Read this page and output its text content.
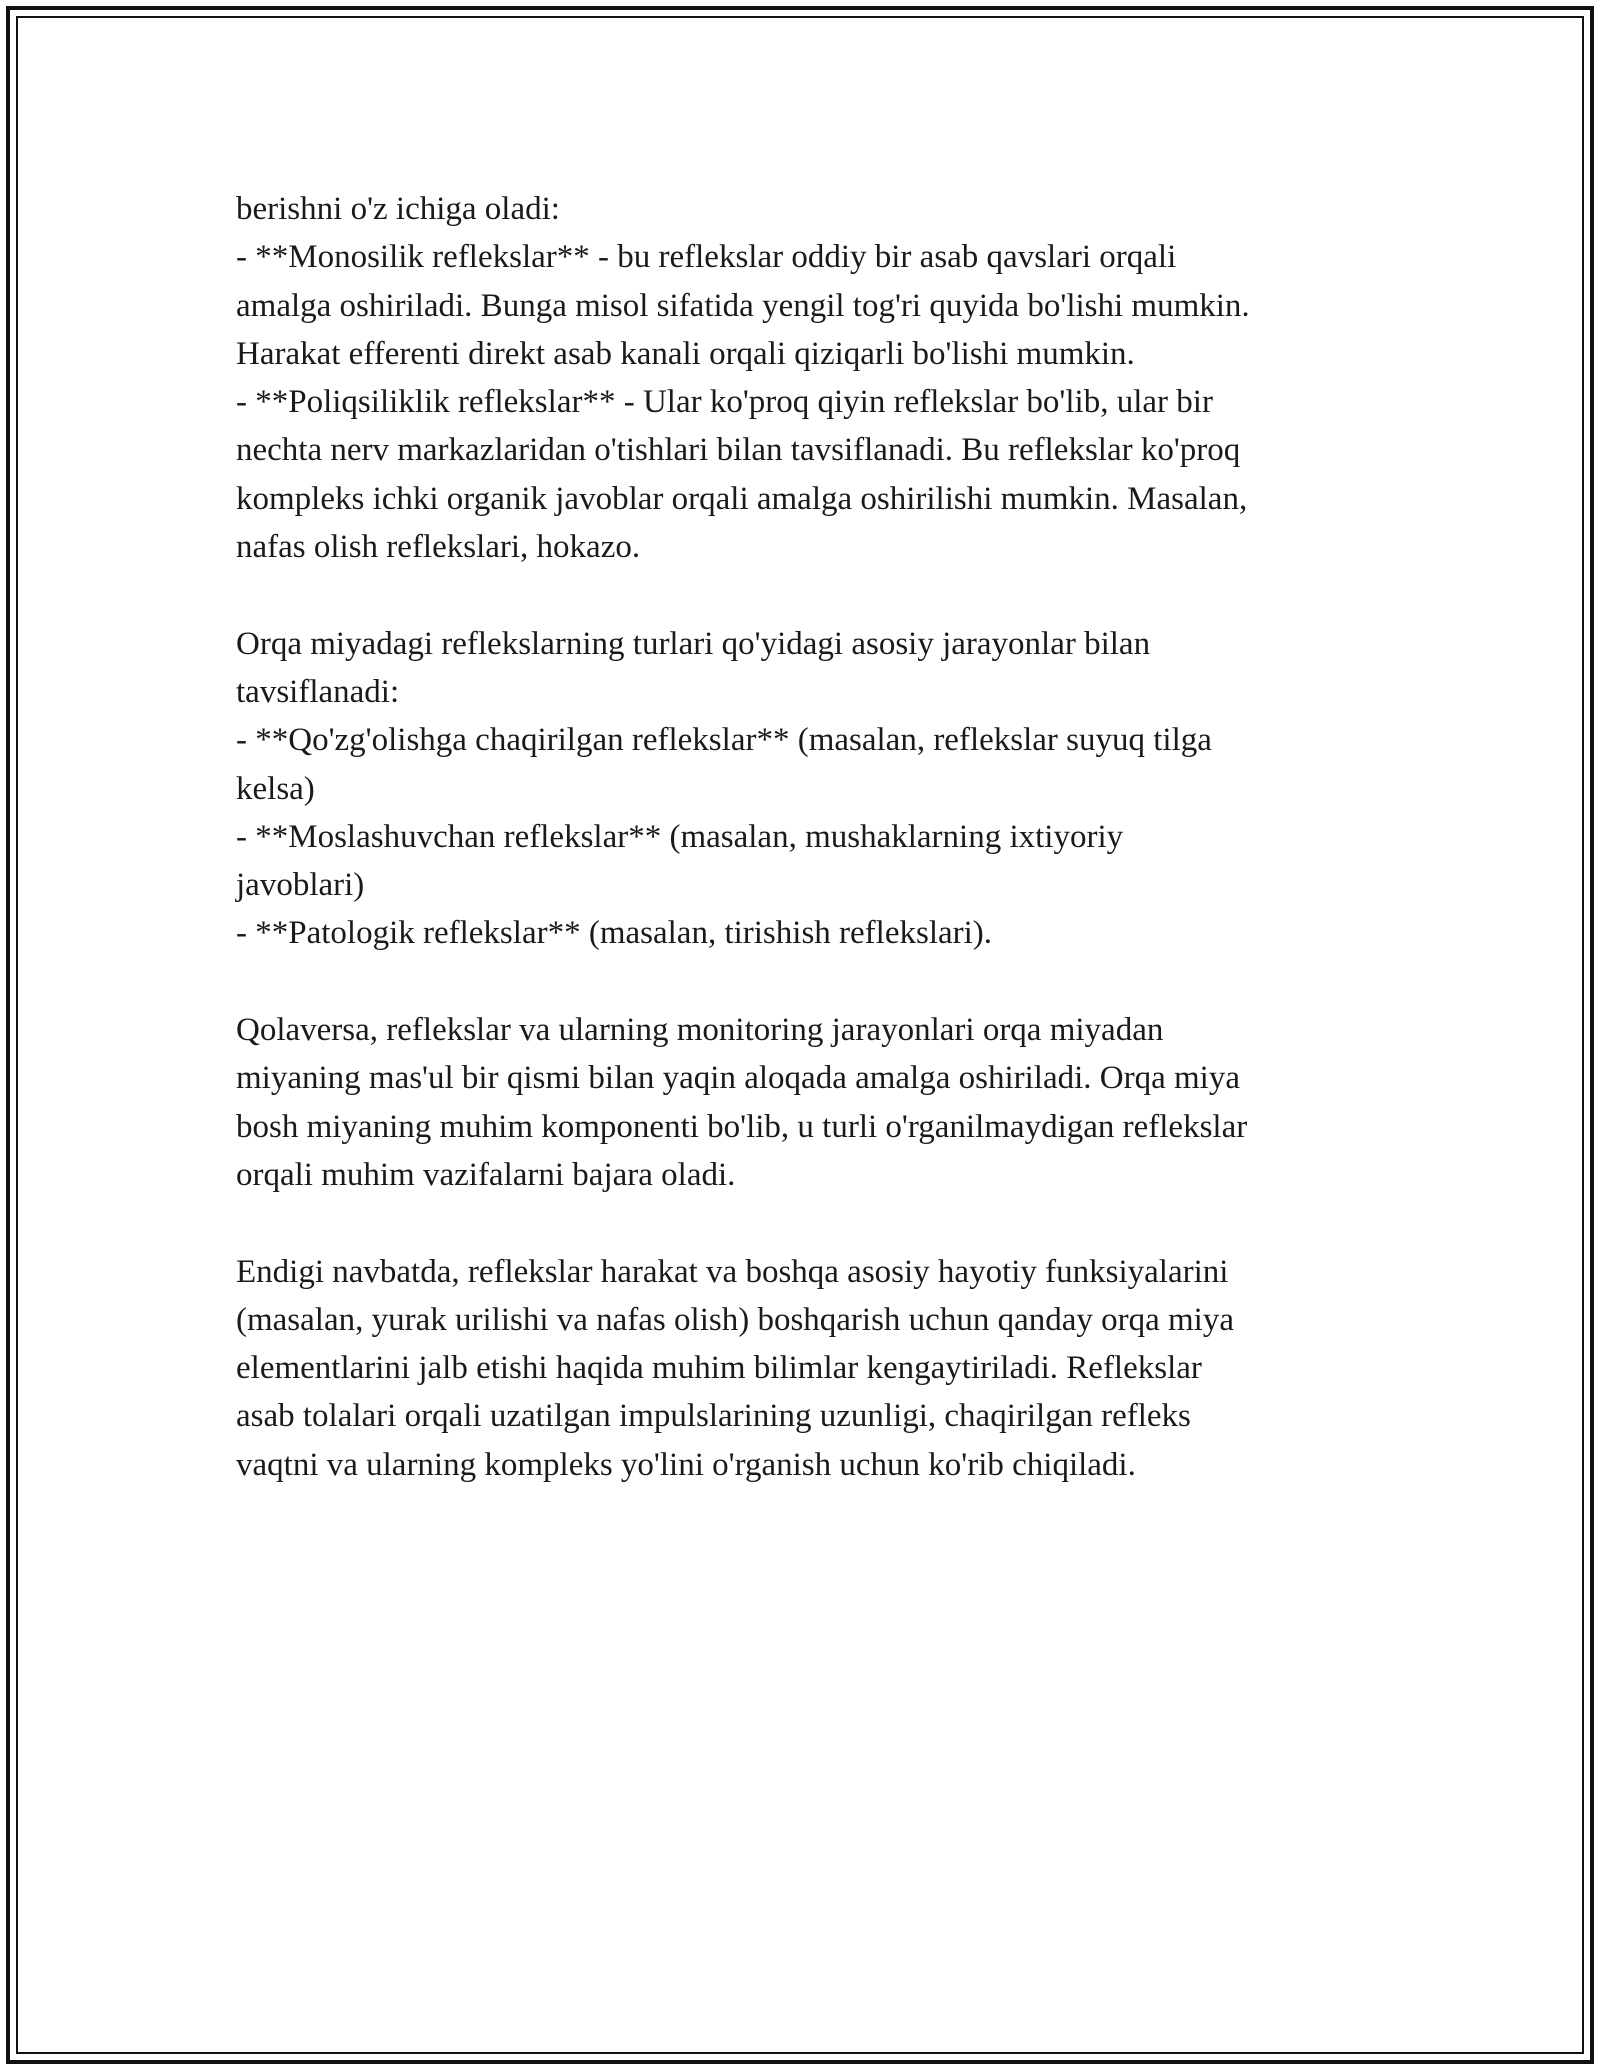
berishni o'z ichiga oladi:
- **Monosilik reflekslar** - bu reflekslar oddiy bir asab qavslari orqali
amalga oshiriladi. Bunga misol sifatida yengil tog'ri quyida bo'lishi mumkin.
Harakat efferenti direkt asab kanali orqali qiziqarli bo'lishi mumkin.
- **Poliqsiliklik reflekslar** - Ular ko'proq qiyin reflekslar bo'lib, ular bir
nechta nerv markazlaridan o'tishlari bilan tavsiflanadi. Bu reflekslar ko'proq
kompleks ichki organik javoblar orqali amalga oshirilishi mumkin. Masalan,
nafas olish reflekslari, hokazo.
Orqa miyadagi reflekslarning turlari qo'yidagi asosiy jarayonlar bilan
tavsiflanadi:
- **Qo'zg'olishga chaqirilgan reflekslar** (masalan, reflekslar suyuq tilga
kelsa)
- **Moslashuvchan reflekslar** (masalan, mushaklarning ixtiyoriy
javoblari)
- **Patologik reflekslar** (masalan, tirishish reflekslari).
Qolaversa, reflekslar va ularning monitoring jarayonlari orqa miyadan
miyaning mas'ul bir qismi bilan yaqin aloqada amalga oshiriladi. Orqa miya
bosh miyaning muhim komponenti bo'lib, u turli o'rganilmaydigan reflekslar
orqali muhim vazifalarni bajara oladi.
Endigi navbatda, reflekslar harakat va boshqa asosiy hayotiy funksiyalarini
(masalan, yurak urilishi va nafas olish) boshqarish uchun qanday orqa miya
elementlarini jalb etishi haqida muhim bilimlar kengaytiriladi. Reflekslar
asab tolalari orqali uzatilgan impulslarining uzunligi, chaqirilgan refleks
vaqtni va ularning kompleks yo'lini o'rganish uchun ko'rib chiqiladi.
